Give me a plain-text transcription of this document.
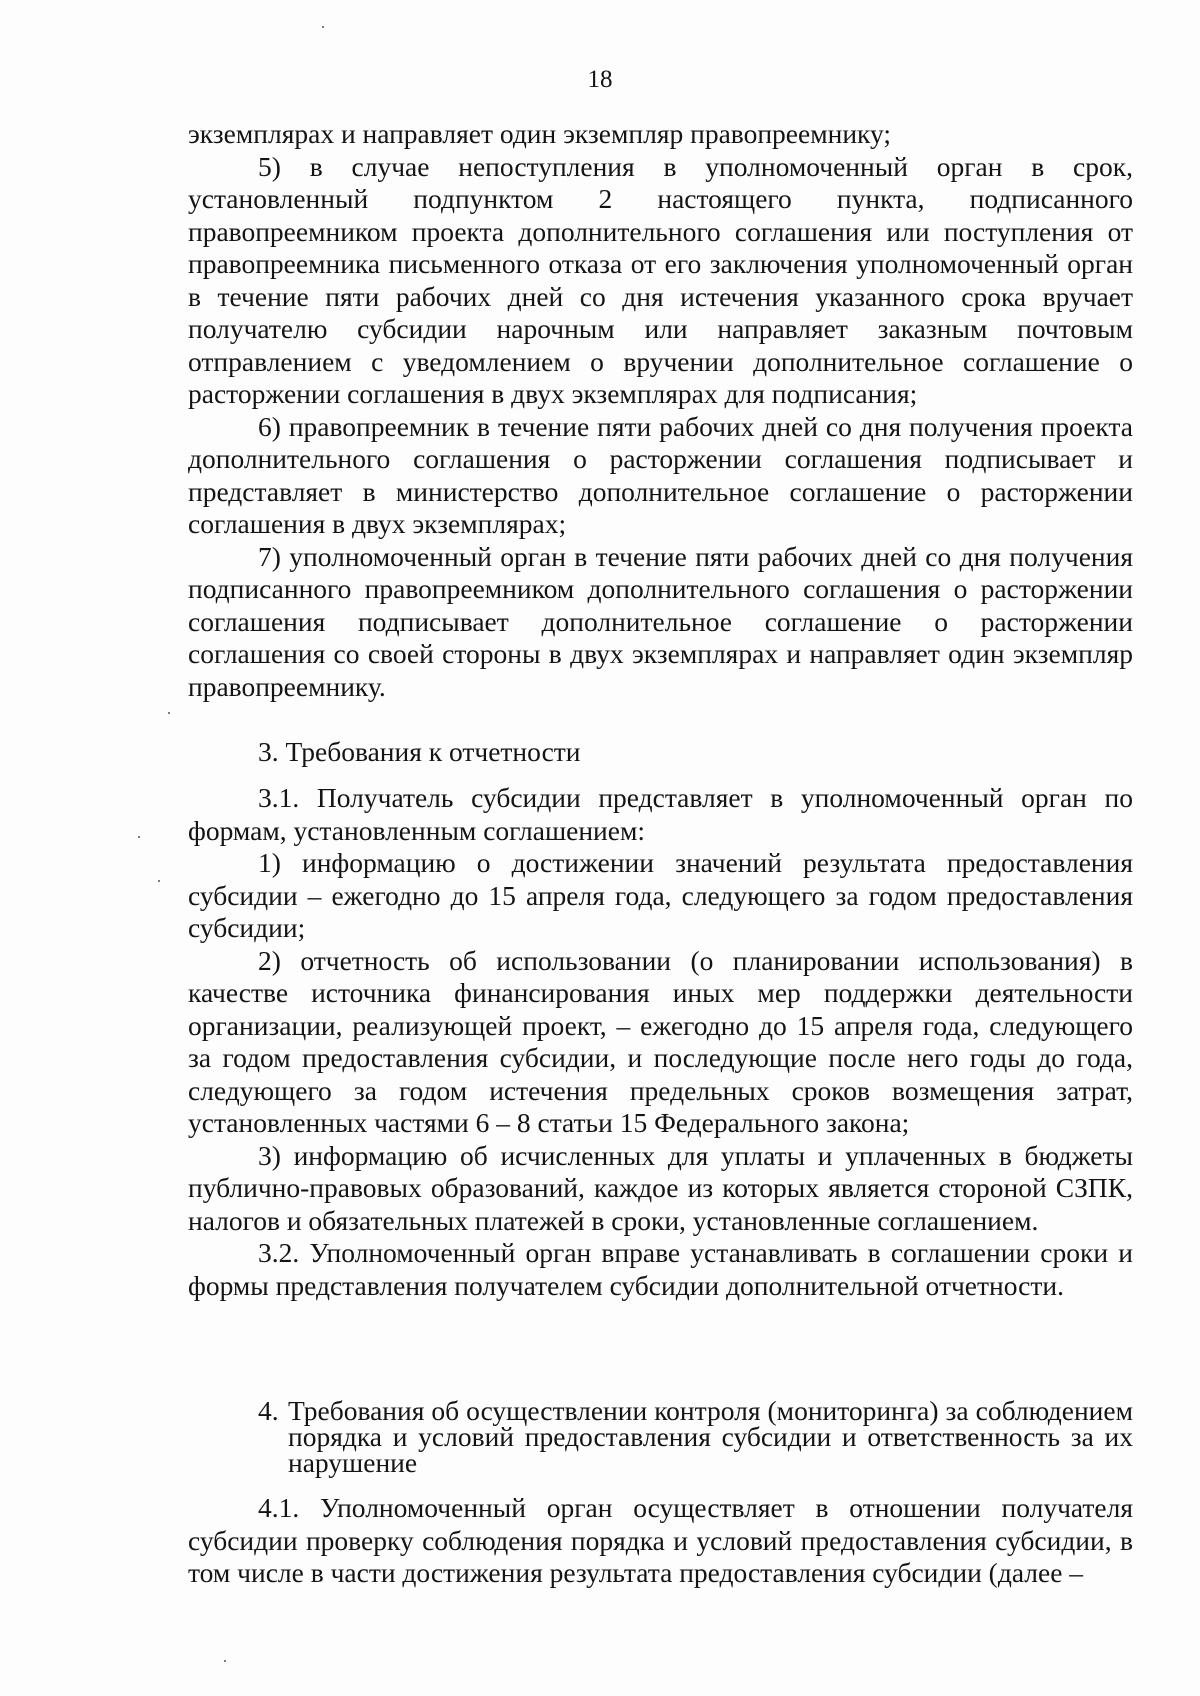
18

экземплярах и направляет один экземпляр правопреемнику;

5) в случае непоступления в уполномоченный орган в срок, установленный подпунктом 2 настоящего пункта, подписанного правопреемником проекта дополнительного соглашения или поступления от правопреемника письменного отказа от его заключения уполномоченный орган в течение пяти рабочих дней со дня истечения указанного срока вручает получателю субсидии нарочным или направляет заказным почтовым отправлением с уведомлением о вручении дополнительное соглашение о расторжении соглашения в двух экземплярах для подписания;

6) правопреемник в течение пяти рабочих дней со дня получения проекта дополнительного соглашения о расторжении соглашения подписывает и представляет в министерство дополнительное соглашение о расторжении соглашения в двух экземплярах;

7) уполномоченный орган в течение пяти рабочих дней со дня получения подписанного правопреемником дополнительного соглашения о расторжении соглашения подписывает дополнительное соглашение о расторжении соглашения со своей стороны в двух экземплярах и направляет один экземпляр правопреемнику.

3. Требования к отчетности

3.1. Получатель субсидии представляет в уполномоченный орган по формам, установленным соглашением:

1) информацию о достижении значений результата предоставления субсидии – ежегодно до 15 апреля года, следующего за годом предоставления субсидии;

2) отчетность об использовании (о планировании использования) в качестве источника финансирования иных мер поддержки деятельности организации, реализующей проект, – ежегодно до 15 апреля года, следующего за годом предоставления субсидии, и последующие после него годы до года, следующего за годом истечения предельных сроков возмещения затрат, установленных частями 6 – 8 статьи 15 Федерального закона;

3) информацию об исчисленных для уплаты и уплаченных в бюджеты публично-правовых образований, каждое из которых является стороной СЗПК, налогов и обязательных платежей в сроки, установленные соглашением.

3.2. Уполномоченный орган вправе устанавливать в соглашении сроки и формы представления получателем субсидии дополнительной отчетности.

4. Требования об осуществлении контроля (мониторинга) за соблюдением порядка и условий предоставления субсидии и ответственность за их нарушение

4.1. Уполномоченный орган осуществляет в отношении получателя субсидии проверку соблюдения порядка и условий предоставления субсидии, в том числе в части достижения результата предоставления субсидии (далее –
